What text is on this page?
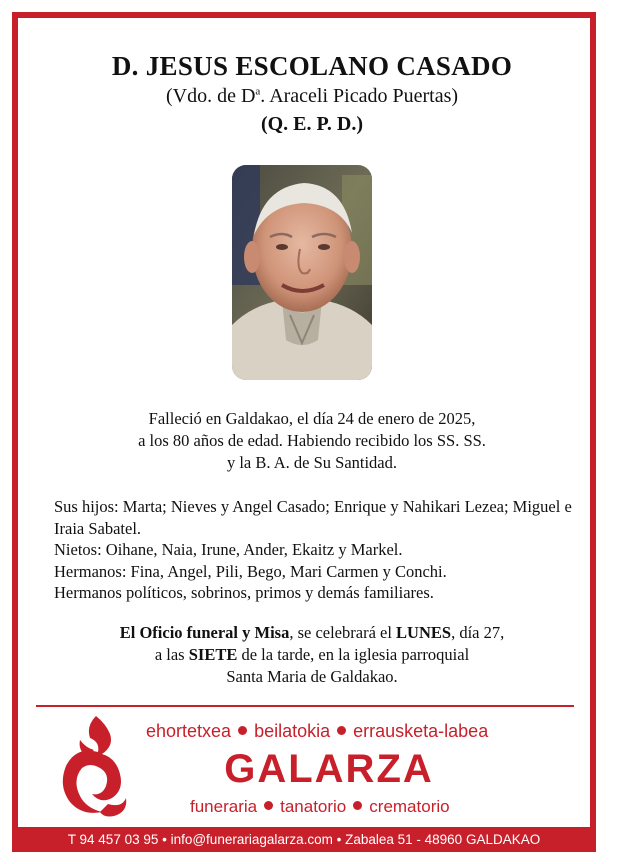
D. JESUS ESCOLANO CASADO
(Vdo. de $D^a$. Araceli Picado Puertas)
(Q. E. P. D.)
Falleció en Galdakao, el día 24 de enero de 2025,
a los 80 años de edad. Habiendo recibido los SS. SS.
y la B. A. de Su Santidad.

Sus hijos: Marta; Nieves y Angel Casado; Enrique y Nahikari Lezea; Miguel e Iraia Sabatel.

Nietos: Oihane, Naia, Irune, Ander, Ekaitz y Markel.

Hermanos: Fina, Angel, Pili, Bego, Mari Carmen y Conchi.

Hermanos políticos, sobrinos, primos y demás familiares.

El Oficio funeral y Misa, se celebrará el LUNES, día 27,
a las SIETE de la tarde, en la iglesia parroquial
Santa Maria de Galdakao.
ehortetxea beilatokia errausketa-labea
GALARZA
funeraria tanatorio crematorio
T 94 457 03 95 • info@funerariagalarza.com • Zabalea 51 - 48960 GALDAKAO
